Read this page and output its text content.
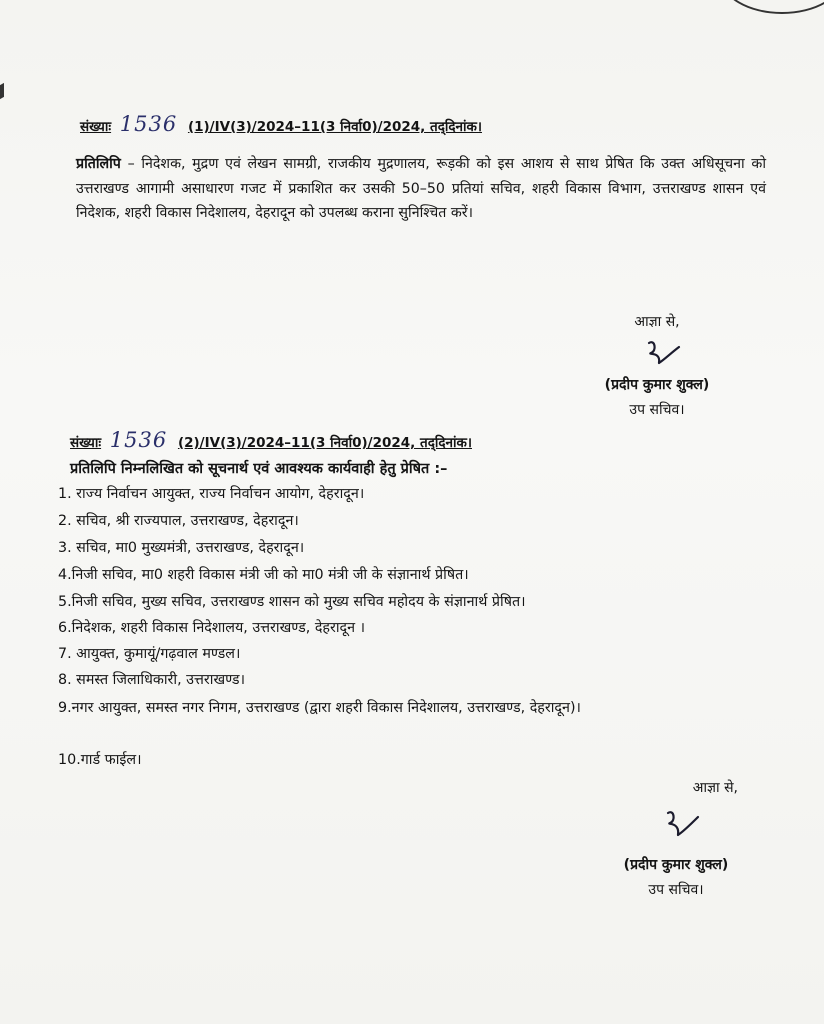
संख्याः 1536 (1)/IV(3)/2024–11(3 निर्वा0)/2024, तद्‌दिनांक।
प्रतिलिपि – निदेशक, मुद्रण एवं लेखन सामग्री, राजकीय मुद्रणालय, रूड़की को इस आशय से साथ प्रेषित कि उक्त अधिसूचना को उत्तराखण्ड आगामी असाधारण गजट में प्रकाशित कर उसकी 50–50 प्रतियां सचिव, शहरी विकास विभाग, उत्तराखण्ड शासन एवं निदेशक, शहरी विकास निदेशालय, देहरादून को उपलब्ध कराना सुनिश्चित करें।
आज्ञा से,
(प्रदीप कुमार शुक्ल)
उप सचिव।
संख्याः 1536 (2)/IV(3)/2024–11(3 निर्वा0)/2024, तद्‌दिनांक।
प्रतिलिपि निम्नलिखित को सूचनार्थ एवं आवश्यक कार्यवाही हेतु प्रेषित :–
1. राज्य निर्वाचन आयुक्त, राज्य निर्वाचन आयोग, देहरादून।
2. सचिव, श्री राज्यपाल, उत्तराखण्ड, देहरादून।
3. सचिव, मा0 मुख्यमंत्री, उत्तराखण्ड, देहरादून।
4.निजी सचिव, मा0 शहरी विकास मंत्री जी को मा0 मंत्री जी के संज्ञानार्थ प्रेषित।
5.निजी सचिव, मुख्य सचिव, उत्तराखण्ड शासन को मुख्य सचिव महोदय के संज्ञानार्थ प्रेषित।
6.निदेशक, शहरी विकास निदेशालय, उत्तराखण्ड, देहरादून ।
7. आयुक्त, कुमायूं/गढ़वाल मण्डल।
8. समस्त जिलाधिकारी, उत्तराखण्ड।
9.नगर आयुक्त, समस्त नगर निगम, उत्तराखण्ड (द्वारा शहरी विकास निदेशालय, उत्तराखण्ड, देहरादून)।
10.गार्ड फाईल।
आज्ञा से,
(प्रदीप कुमार शुक्ल)
उप सचिव।
